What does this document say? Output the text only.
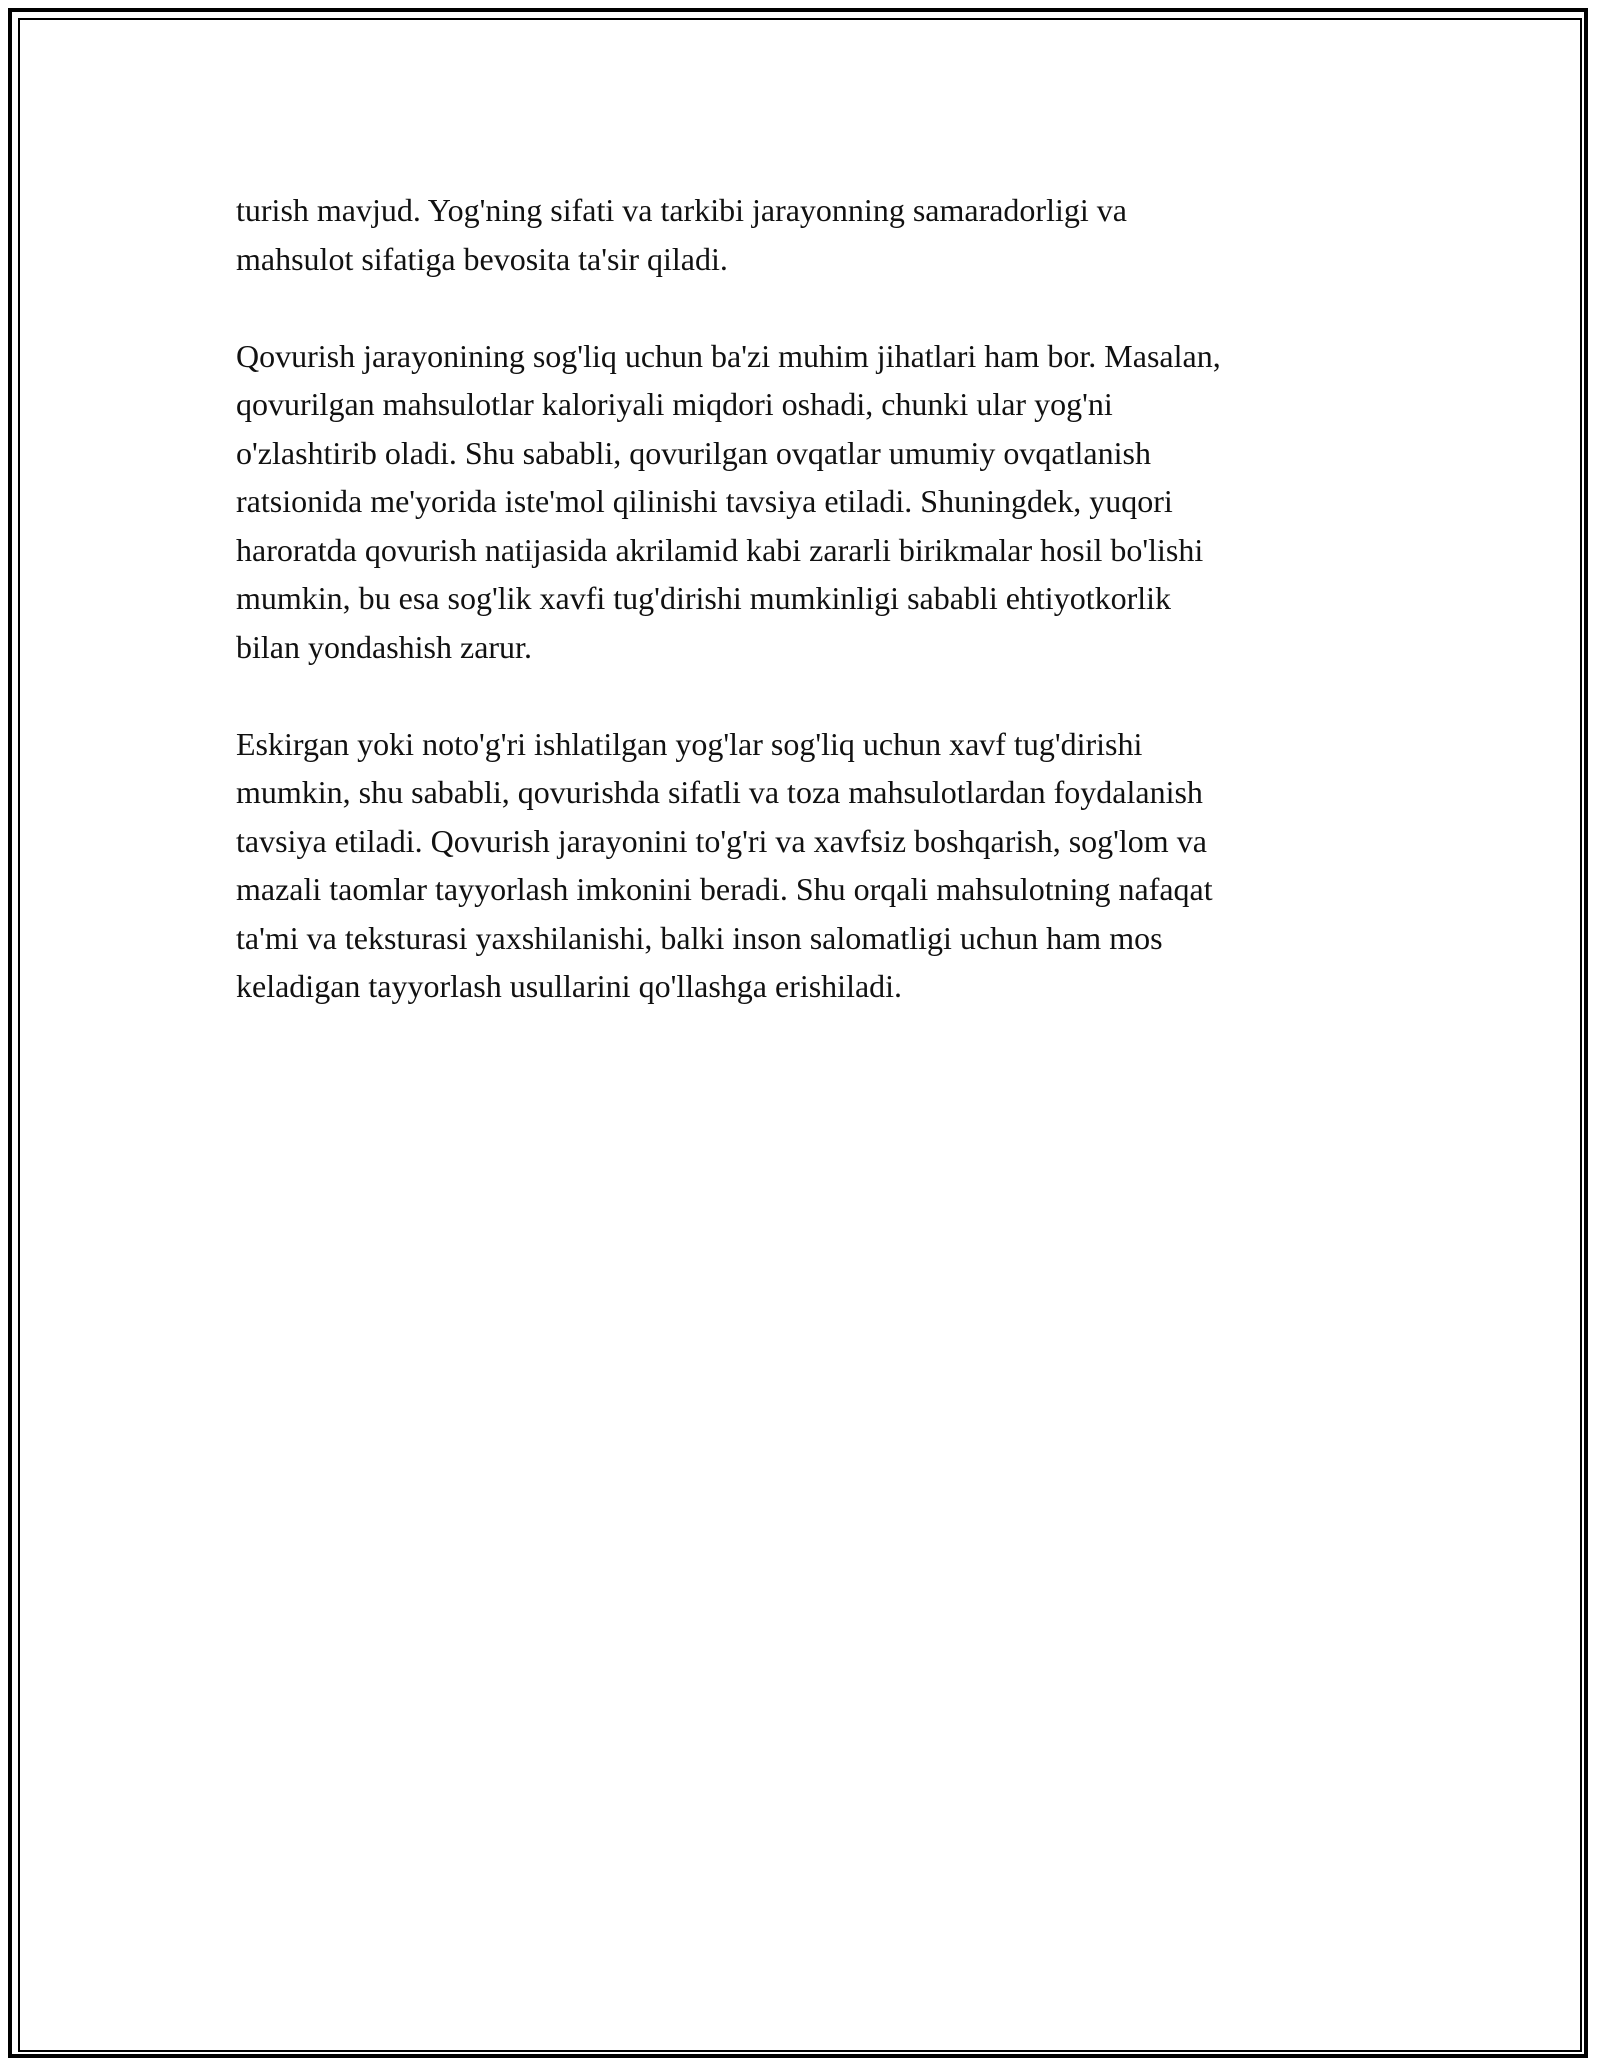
turish mavjud. Yog'ning sifati va tarkibi jarayonning samaradorligi va
mahsulot sifatiga bevosita ta'sir qiladi.

Qovurish jarayonining sog'liq uchun ba'zi muhim jihatlari ham bor. Masalan,
qovurilgan mahsulotlar kaloriyali miqdori oshadi, chunki ular yog'ni
o'zlashtirib oladi. Shu sababli, qovurilgan ovqatlar umumiy ovqatlanish
ratsionida me'yorida iste'mol qilinishi tavsiya etiladi. Shuningdek, yuqori
haroratda qovurish natijasida akrilamid kabi zararli birikmalar hosil bo'lishi
mumkin, bu esa sog'lik xavfi tug'dirishi mumkinligi sababli ehtiyotkorlik
bilan yondashish zarur.

Eskirgan yoki noto'g'ri ishlatilgan yog'lar sog'liq uchun xavf tug'dirishi
mumkin, shu sababli, qovurishda sifatli va toza mahsulotlardan foydalanish
tavsiya etiladi. Qovurish jarayonini to'g'ri va xavfsiz boshqarish, sog'lom va
mazali taomlar tayyorlash imkonini beradi. Shu orqali mahsulotning nafaqat
ta'mi va teksturasi yaxshilanishi, balki inson salomatligi uchun ham mos
keladigan tayyorlash usullarini qo'llashga erishiladi.
